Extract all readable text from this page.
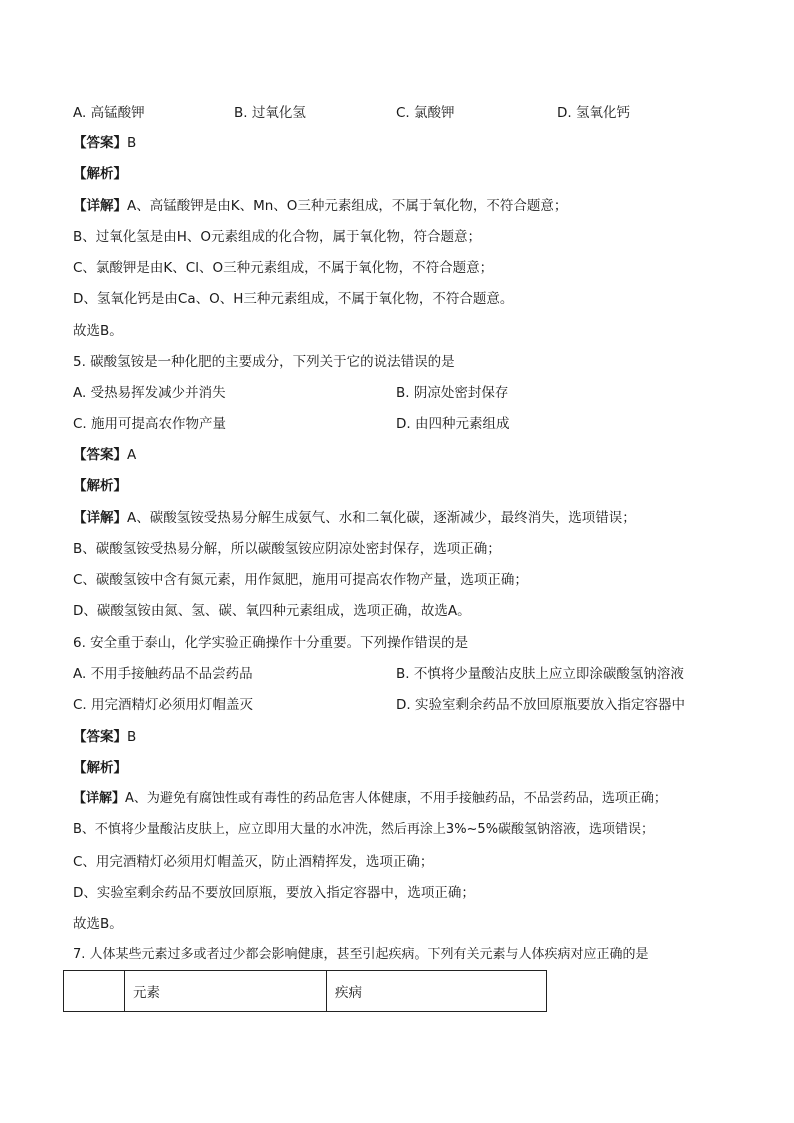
A. 高锰酸钾	B. 过氧化氢	C. 氯酸钾	D. 氢氧化钙
【答案】B
【解析】
【详解】A、高锰酸钾是由K、Mn、O三种元素组成，不属于氧化物，不符合题意；
B、过氧化氢是由H、O元素组成的化合物，属于氧化物，符合题意；
C、氯酸钾是由K、Cl、O三种元素组成，不属于氧化物，不符合题意；
D、氢氧化钙是由Ca、O、H三种元素组成，不属于氧化物，不符合题意。
故选B。
5. 碳酸氢铵是一种化肥的主要成分，下列关于它的说法错误的是
A. 受热易挥发减少并消失	B. 阴凉处密封保存
C. 施用可提高农作物产量	D. 由四种元素组成
【答案】A
【解析】
【详解】A、碳酸氢铵受热易分解生成氨气、水和二氧化碳，逐渐减少，最终消失，选项错误；
B、碳酸氢铵受热易分解，所以碳酸氢铵应阴凉处密封保存，选项正确；
C、碳酸氢铵中含有氮元素，用作氮肥，施用可提高农作物产量，选项正确；
D、碳酸氢铵由氮、氢、碳、氧四种元素组成，选项正确，故选A。
6. 安全重于泰山，化学实验正确操作十分重要。下列操作错误的是
A. 不用手接触药品不品尝药品	B. 不慎将少量酸沾皮肤上应立即涂碳酸氢钠溶液
C. 用完酒精灯必须用灯帽盖灭	D. 实验室剩余药品不放回原瓶要放入指定容器中
【答案】B
【解析】
【详解】A、为避免有腐蚀性或有毒性的药品危害人体健康，不用手接触药品，不品尝药品，选项正确；
B、不慎将少量酸沾皮肤上，应立即用大量的水冲洗，然后再涂上3%~5%碳酸氢钠溶液，选项错误；
C、用完酒精灯必须用灯帽盖灭，防止酒精挥发，选项正确；
D、实验室剩余药品不要放回原瓶，要放入指定容器中，选项正确；
故选B。
7. 人体某些元素过多或者过少都会影响健康，甚至引起疾病。下列有关元素与人体疾病对应正确的是
	元素	疾病
